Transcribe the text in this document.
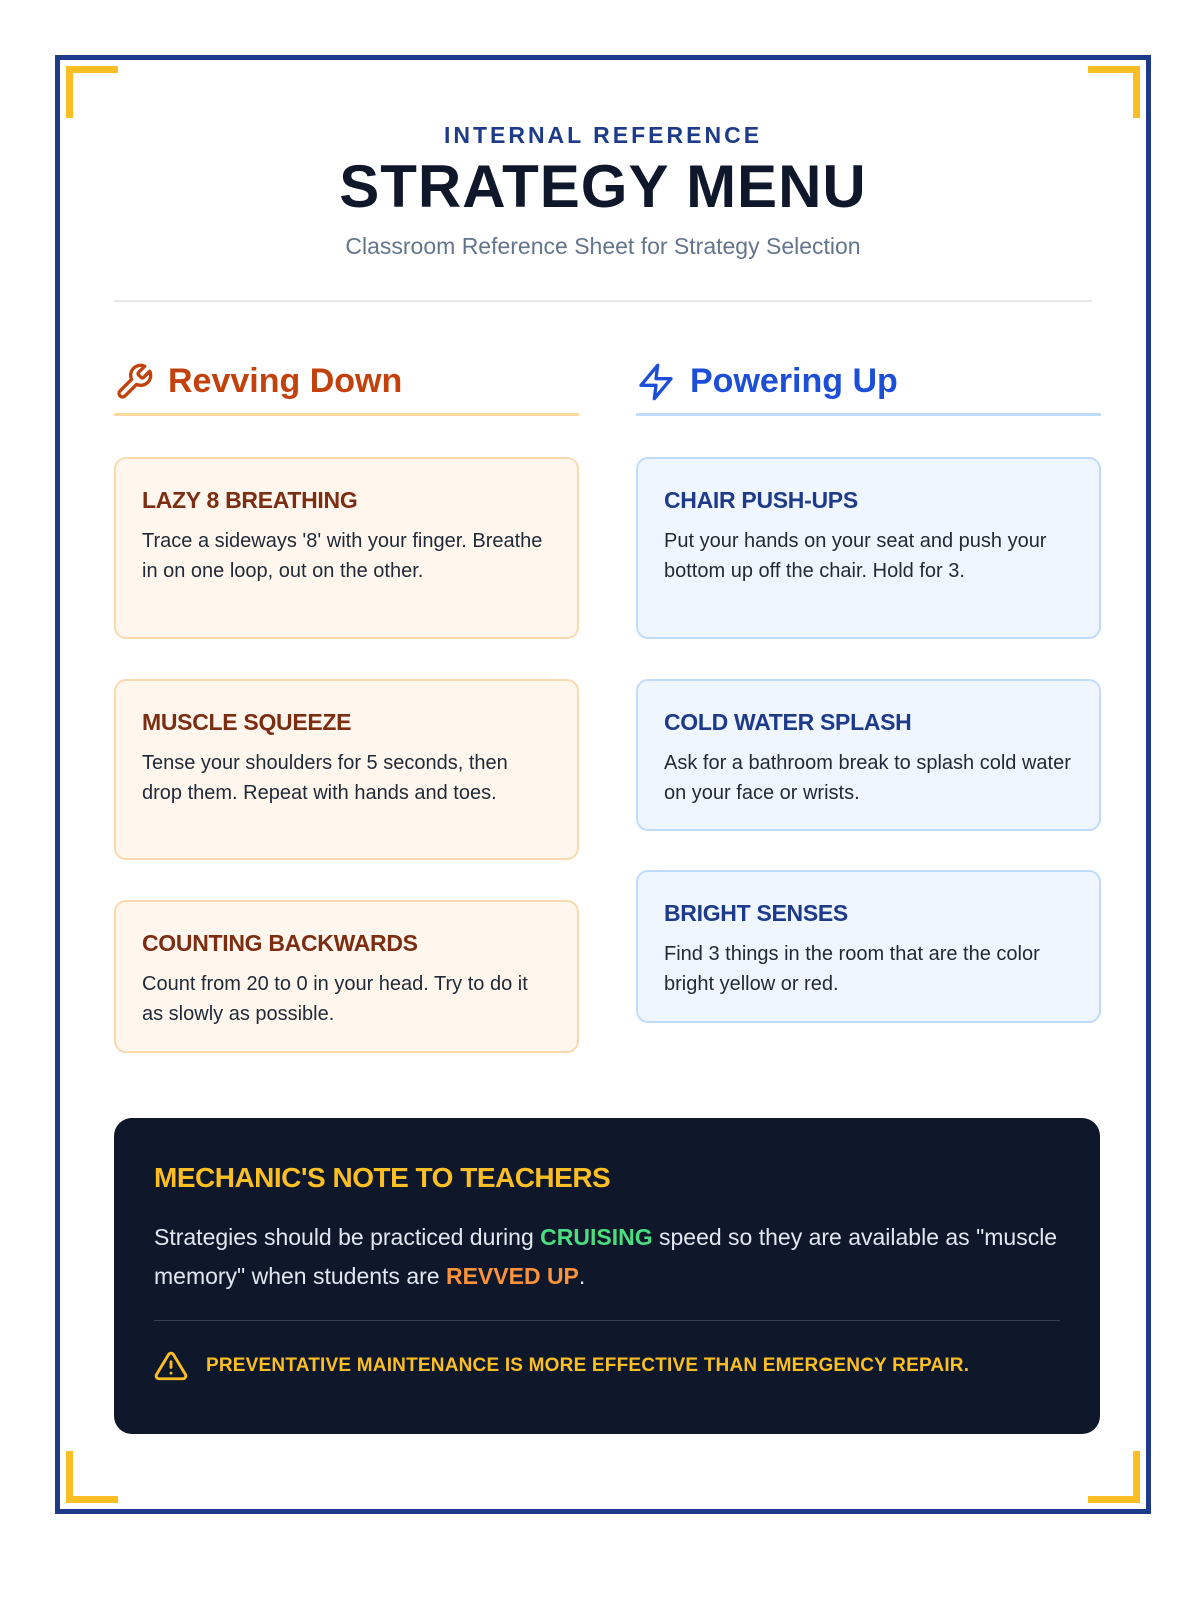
INTERNAL REFERENCE
STRATEGY MENU
Classroom Reference Sheet for Strategy Selection
Revving Down
LAZY 8 BREATHING
Trace a sideways '8' with your finger. Breathe in on one loop, out on the other.
MUSCLE SQUEEZE
Tense your shoulders for 5 seconds, then drop them. Repeat with hands and toes.
COUNTING BACKWARDS
Count from 20 to 0 in your head. Try to do it as slowly as possible.
Powering Up
CHAIR PUSH-UPS
Put your hands on your seat and push your bottom up off the chair. Hold for 3.
COLD WATER SPLASH
Ask for a bathroom break to splash cold water on your face or wrists.
BRIGHT SENSES
Find 3 things in the room that are the color bright yellow or red.
MECHANIC'S NOTE TO TEACHERS
Strategies should be practiced during CRUISING speed so they are available as "muscle memory" when students are REVVED UP.
PREVENTATIVE MAINTENANCE IS MORE EFFECTIVE THAN EMERGENCY REPAIR.
